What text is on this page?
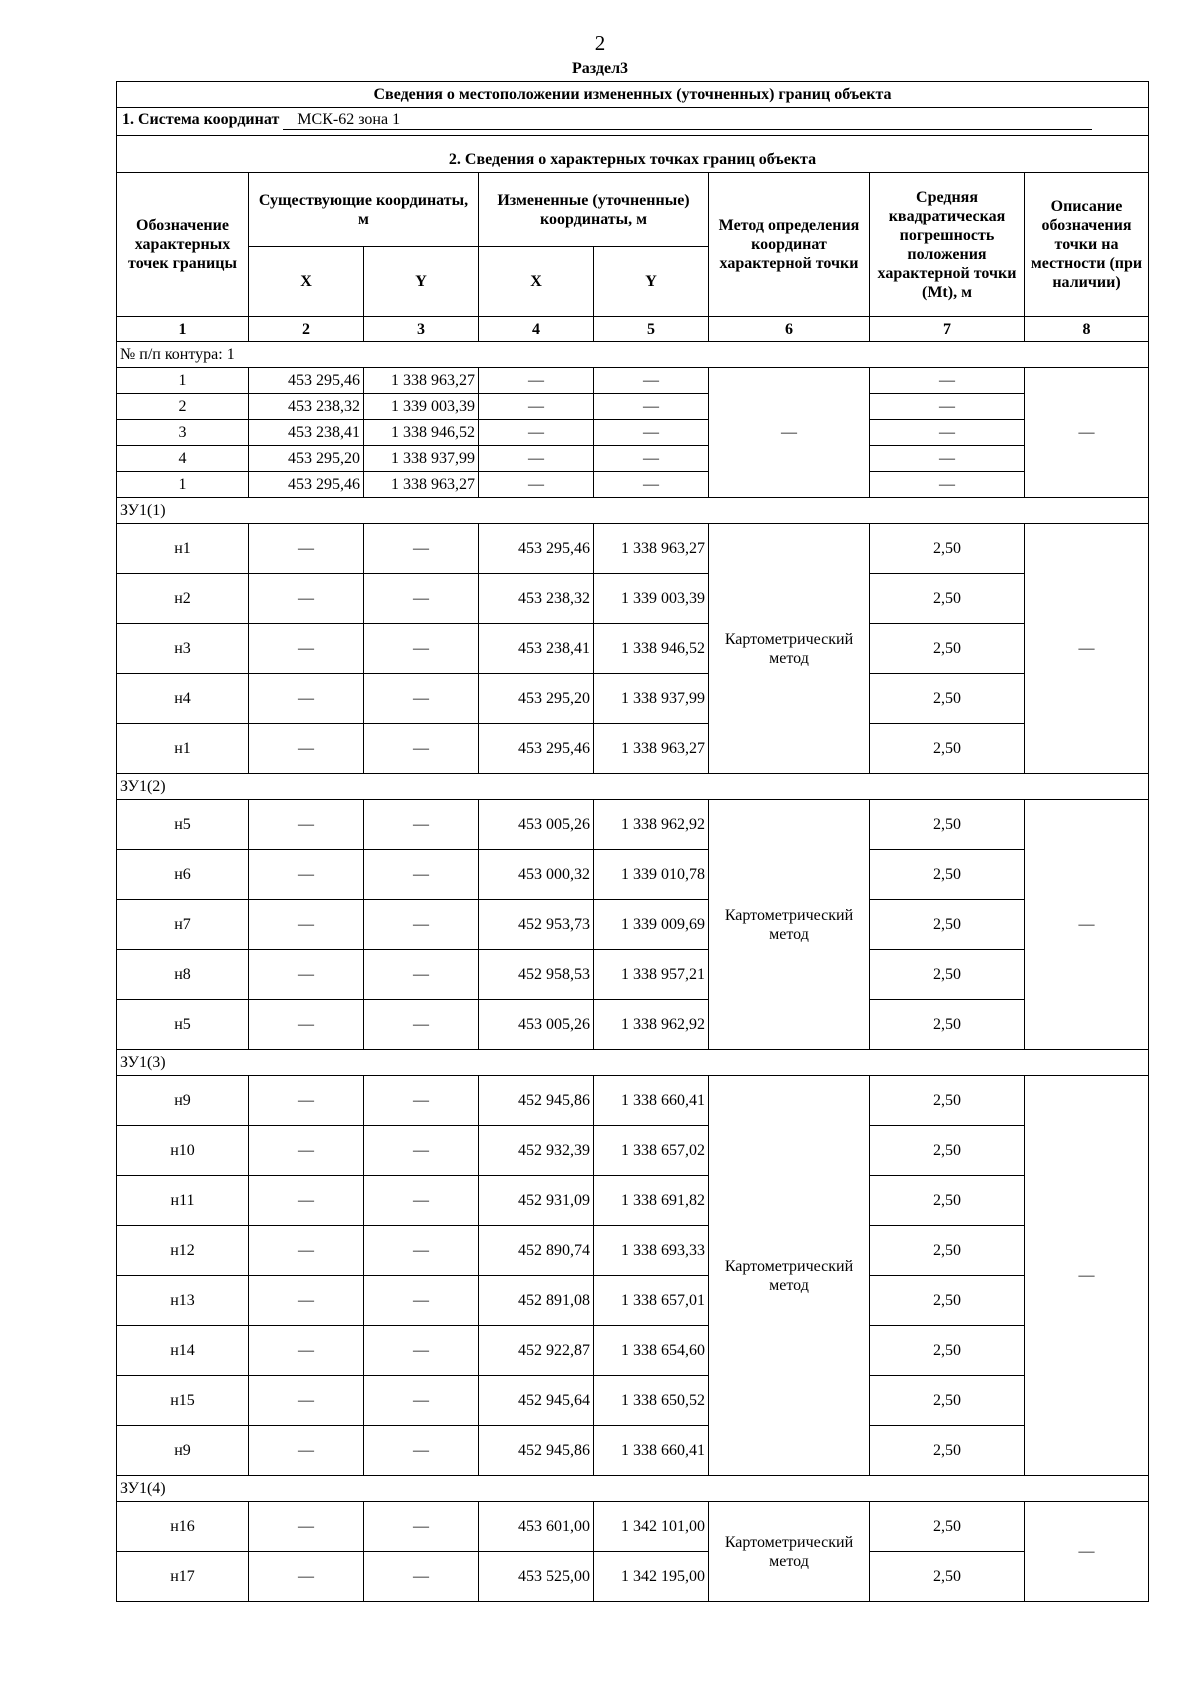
2
Раздел3
Сведения о местоположении измененных (уточненных) границ объекта							
1. Система координат МСК-62 зона 1							

2. Сведения о характерных точках границ объекта							
Обозначение характерных точек границы	Существующие координаты, м		Измененные (уточненные) координаты, м		Метод определения координат характерной точки	Средняя квадратическая погрешность положения характерной точки (Mt), м	Описание обозначения точки на местности (при наличии)
	X	Y	X	Y			
1	2	3	4	5	6	7	8
№ п/п контура: 1							
1	453 295,46	1 338 963,27	—	—	—	—	—
2	453 238,32	1 339 003,39	—	—		—	
3	453 238,41	1 338 946,52	—	—		—	
4	453 295,20	1 338 937,99	—	—		—	
1	453 295,46	1 338 963,27	—	—		—	
ЗУ1(1)							
н1	—	—	453 295,46	1 338 963,27	Картометрический метод	2,50	—
н2	—	—	453 238,32	1 339 003,39		2,50	
н3	—	—	453 238,41	1 338 946,52		2,50	
н4	—	—	453 295,20	1 338 937,99		2,50	
н1	—	—	453 295,46	1 338 963,27		2,50	
ЗУ1(2)							
н5	—	—	453 005,26	1 338 962,92	Картометрический метод	2,50	—
н6	—	—	453 000,32	1 339 010,78		2,50	
н7	—	—	452 953,73	1 339 009,69		2,50	
н8	—	—	452 958,53	1 338 957,21		2,50	
н5	—	—	453 005,26	1 338 962,92		2,50	
ЗУ1(3)							
н9	—	—	452 945,86	1 338 660,41	Картометрический метод	2,50	—
н10	—	—	452 932,39	1 338 657,02		2,50	
н11	—	—	452 931,09	1 338 691,82		2,50	
н12	—	—	452 890,74	1 338 693,33		2,50	
н13	—	—	452 891,08	1 338 657,01		2,50	
н14	—	—	452 922,87	1 338 654,60		2,50	
н15	—	—	452 945,64	1 338 650,52		2,50	
н9	—	—	452 945,86	1 338 660,41		2,50	
ЗУ1(4)							
н16	—	—	453 601,00	1 342 101,00	Картометрический метод	2,50	—
н17	—	—	453 525,00	1 342 195,00		2,50	
